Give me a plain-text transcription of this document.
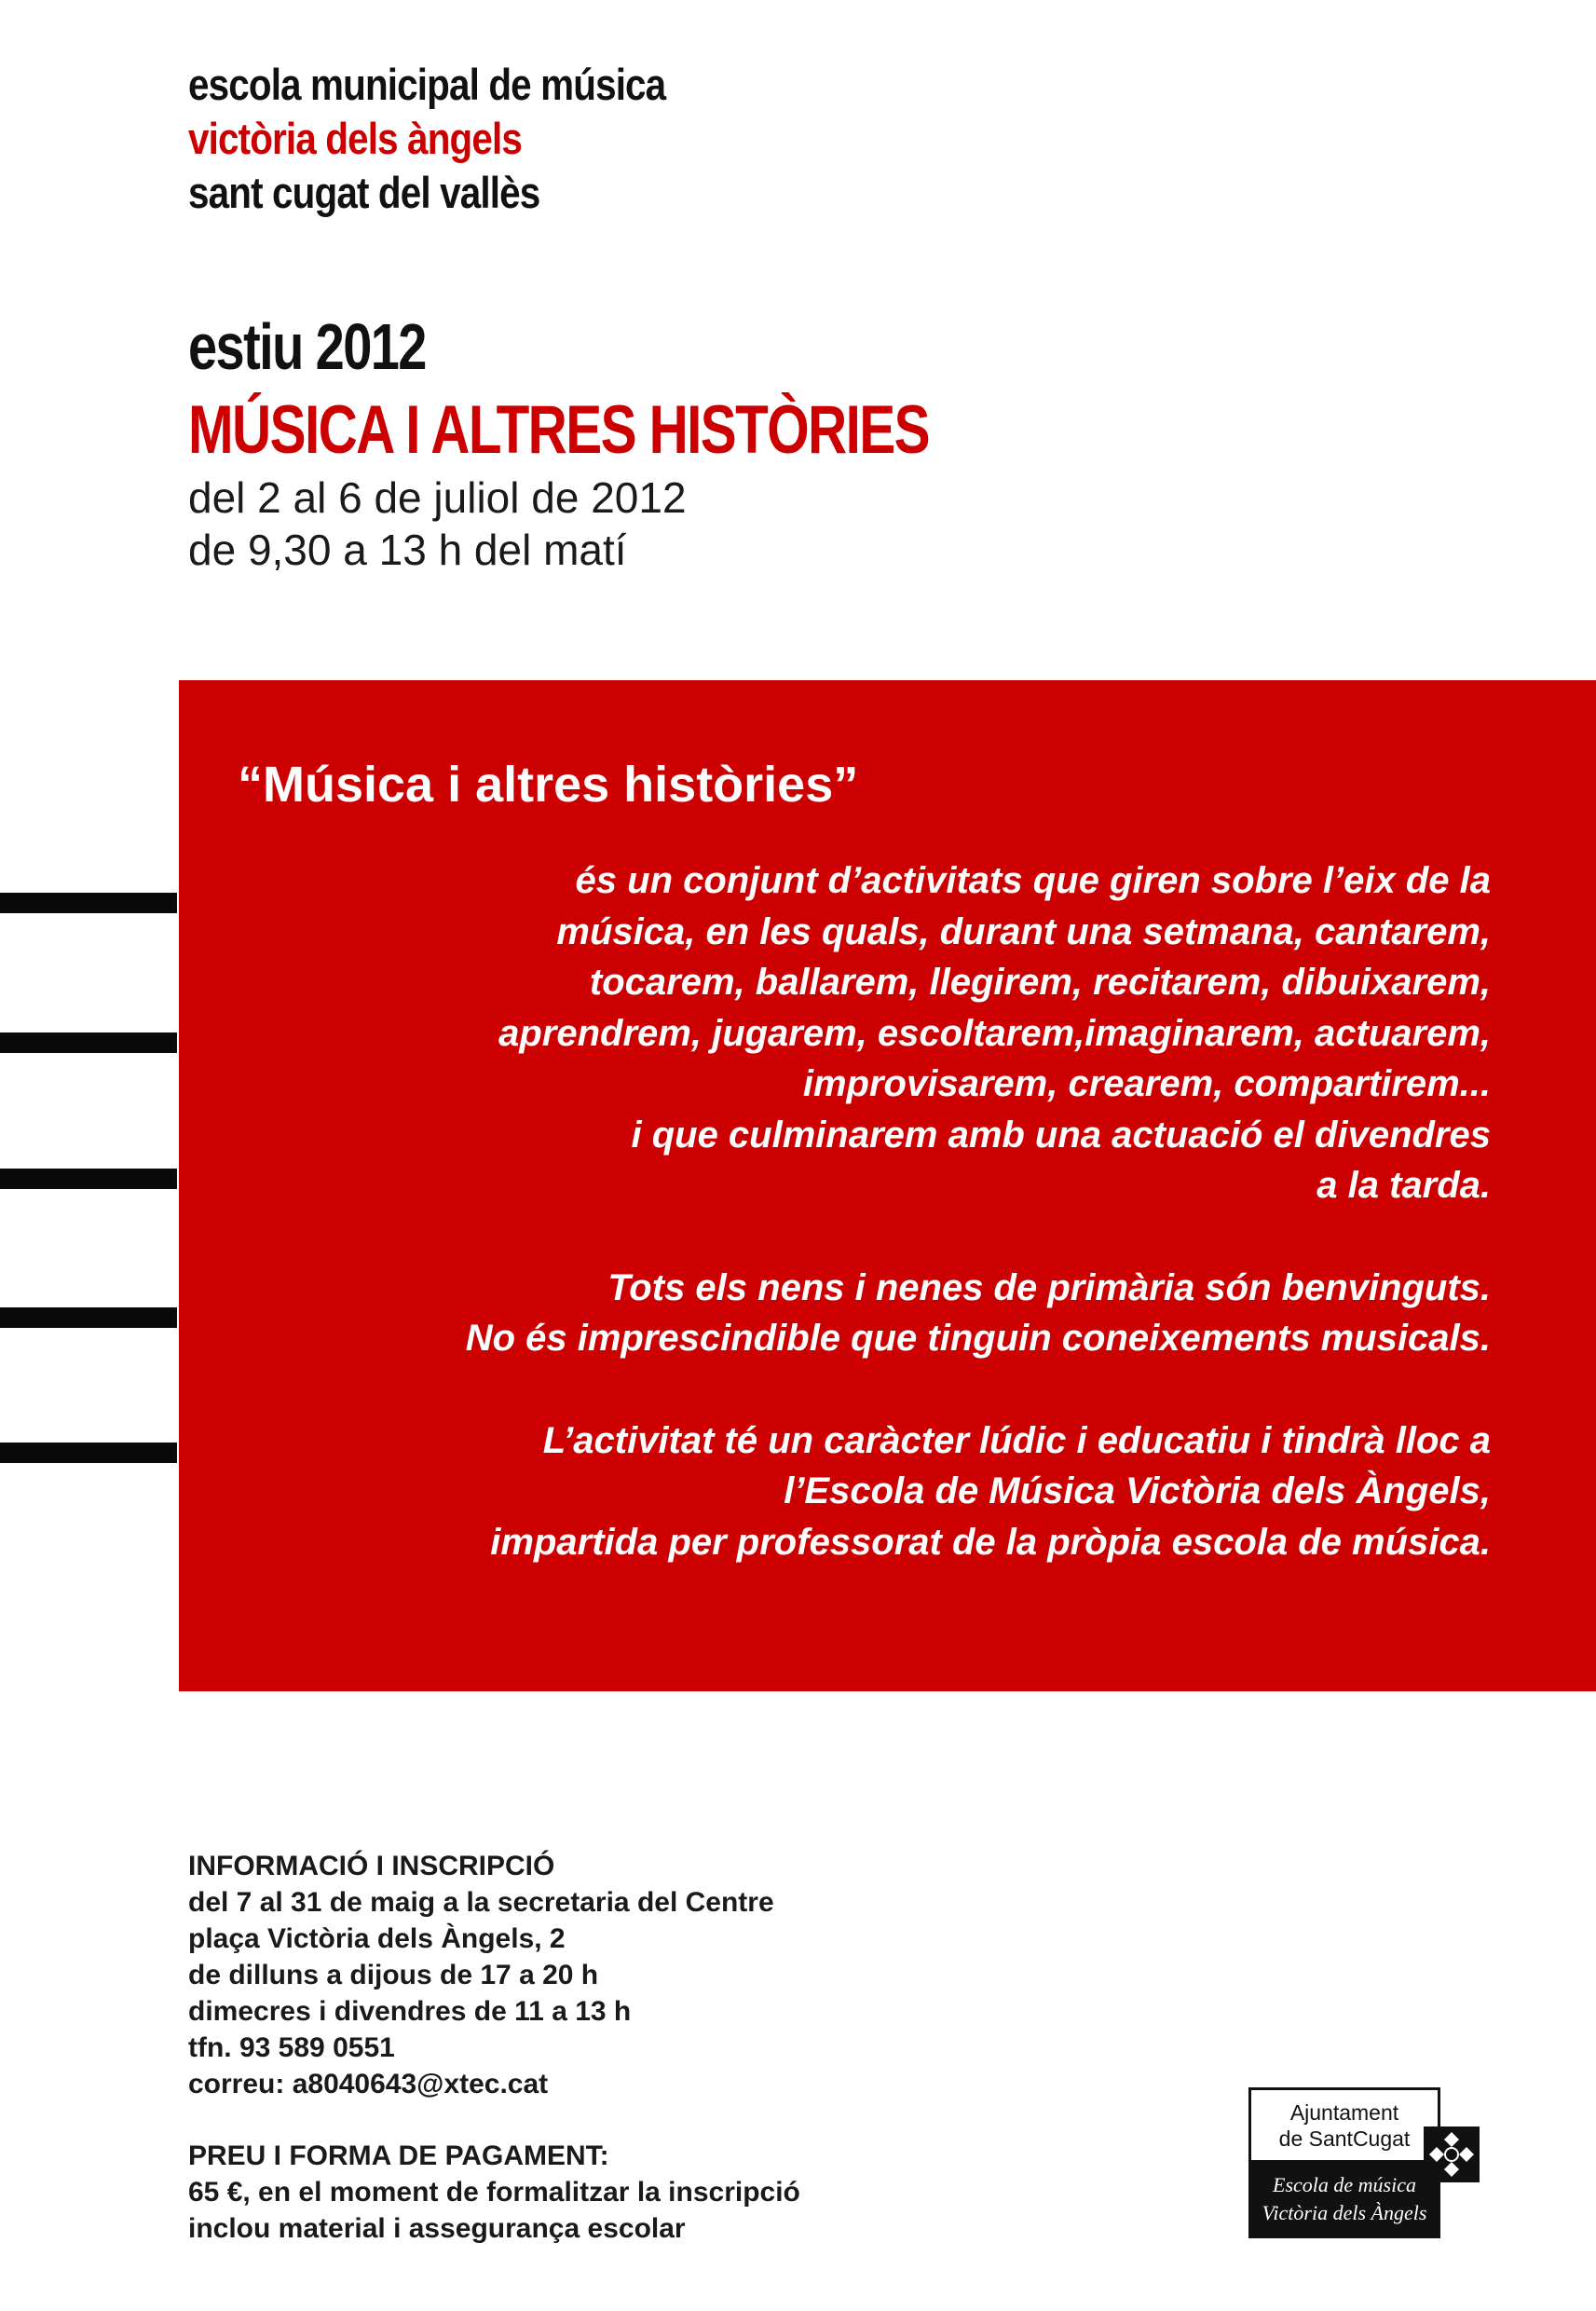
escola municipal de música
victòria dels àngels
sant cugat del vallès
estiu 2012
MÚSICA I ALTRES HISTÒRIES
del 2 al 6 de juliol de 2012
de 9,30 a 13 h del matí
“Música i altres històries”

és un conjunt d’activitats que giren sobre l’eix de la
música, en les quals, durant una setmana, cantarem,
tocarem, ballarem, llegirem, recitarem, dibuixarem,
aprendrem, jugarem, escoltarem,imaginarem, actuarem,
improvisarem, crearem, compartirem...
i que culminarem amb una actuació el divendres
a la tarda.

Tots els nens i nenes de primària són benvinguts.
No és imprescindible que tinguin coneixements musicals.

L’activitat té un caràcter lúdic i educatiu i tindrà lloc a
l’Escola de Música Victòria dels Àngels,
impartida per professorat de la pròpia escola de música.

INFORMACIÓ I INSCRIPCIÓ
del 7 al 31 de maig a la secretaria del Centre
plaça Victòria dels Àngels, 2
de dilluns a dijous de 17 a 20 h
dimecres i divendres de 11 a 13 h
tfn. 93 589 0551
correu: a8040643@xtec.cat
PREU I FORMA DE PAGAMENT:
65 €, en el moment de formalitzar la inscripció
inclou material i assegurança escolar
Ajuntament
de SantCugat
Escola de música
Victòria dels Àngels
